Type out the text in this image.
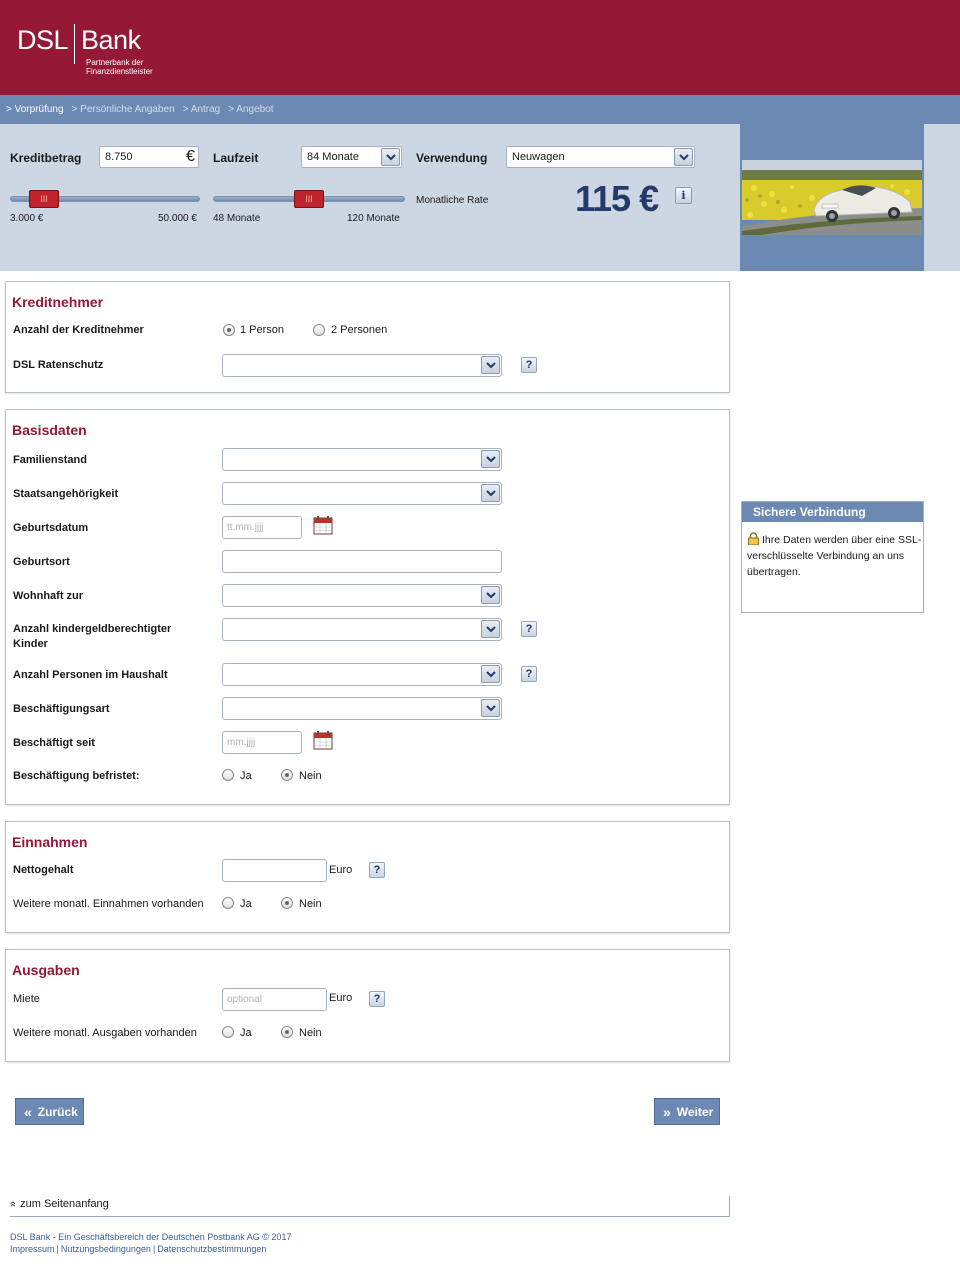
DSL Bank
Partnerbank der Finanzdienstleister
> Vorprüfung > Persönliche Angaben > Antrag > Angebot
Kreditbetrag 8.750	€
III
3.000 €	50.000 €
Laufzeit	84 Monate
III
48 Monate	120 Monate
Verwendung Neuwagen
Monatliche Rate 115 €	i
Kreditnehmer
Anzahl der Kreditnehmer	1 Person	2 Personen
DSL Ratenschutz	?
Basisdaten
Familienstand
Staatsangehörigkeit
Geburtsdatum	tt.mm.jjjj
Geburtsort
Wohnhaft zur
Anzahl kindergeldberechtigter Kinder
?
Anzahl Personen im Haushalt	?
Beschäftigungsart
Beschäftigt seit	mm.jjjj
Beschäftigung befristet:	Ja	Nein
Einnahmen
Nettogehalt	Euro	?
Weitere monatl. Einnahmen vorhanden	Ja	Nein
Ausgaben
Miete	optional	Euro	?
Weitere monatl. Ausgaben vorhanden	Ja	Nein
« Zurück	» Weiter
Sichere Verbindung
Ihre Daten werden über eine SSL-verschlüsselte Verbindung an uns übertragen.
»zum Seitenanfang
DSL Bank - Ein Geschäftsbereich der Deutschen Postbank AG © 2017
Impressum | Nutzungsbedingungen | Datenschutzbestimmungen
